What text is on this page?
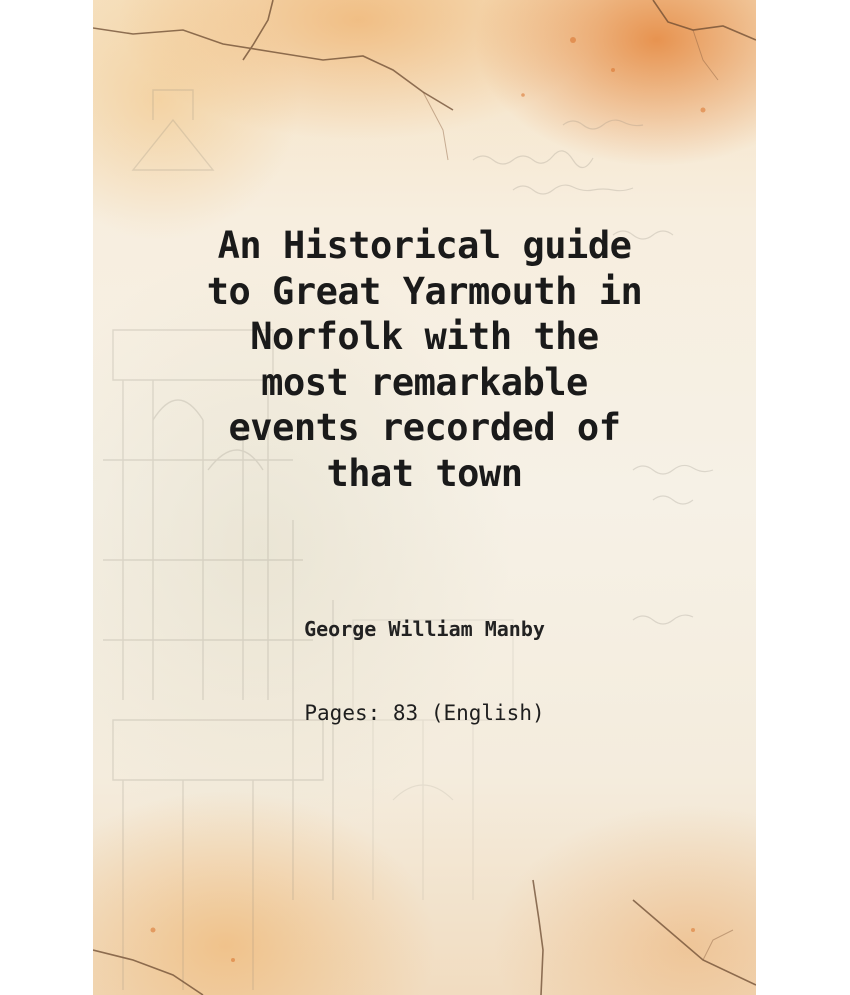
An Historical guide
to Great Yarmouth in
Norfolk with the
most remarkable
events recorded of
that town
George William Manby
Pages: 83 (English)
